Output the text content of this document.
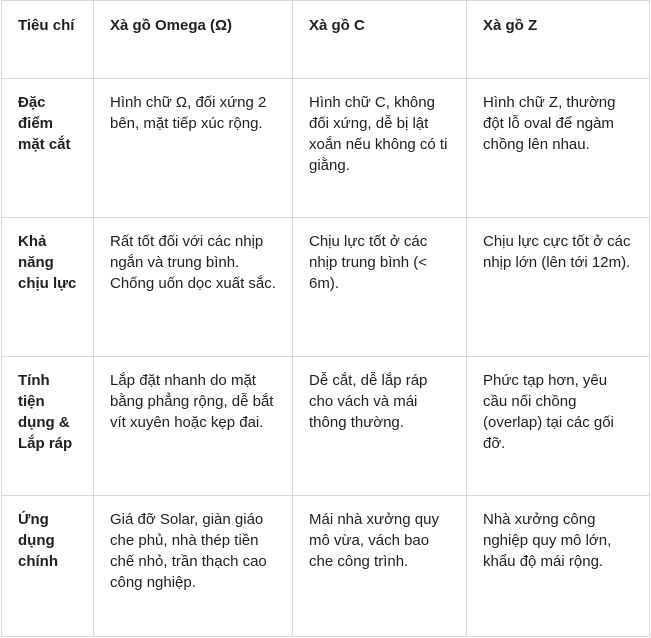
Tiêu chí	Xà gồ Omega (Ω)	Xà gồ C	Xà gồ Z
Đặc điểm mặt cắt	Hình chữ Ω, đối xứng 2 bên, mặt tiếp xúc rộng.	Hình chữ C, không đối xứng, dễ bị lật xoắn nếu không có ti giằng.	Hình chữ Z, thường đột lỗ oval để ngàm chồng lên nhau.
Khả năng chịu lực	Rất tốt đối với các nhịp ngắn và trung bình. Chống uốn dọc xuất sắc.	Chịu lực tốt ở các nhịp trung bình (< 6m).	Chịu lực cực tốt ở các nhịp lớn (lên tới 12m).
Tính tiện dụng & Lắp ráp	Lắp đặt nhanh do mặt bằng phẳng rộng, dễ bắt vít xuyên hoặc kẹp đai.	Dễ cắt, dễ lắp ráp cho vách và mái thông thường.	Phức tạp hơn, yêu cầu nối chồng (overlap) tại các gối đỡ.
Ứng dụng chính	Giá đỡ Solar, giàn giáo che phủ, nhà thép tiền chế nhỏ, trần thạch cao công nghiệp.	Mái nhà xưởng quy mô vừa, vách bao che công trình.	Nhà xưởng công nghiệp quy mô lớn, khẩu độ mái rộng.
